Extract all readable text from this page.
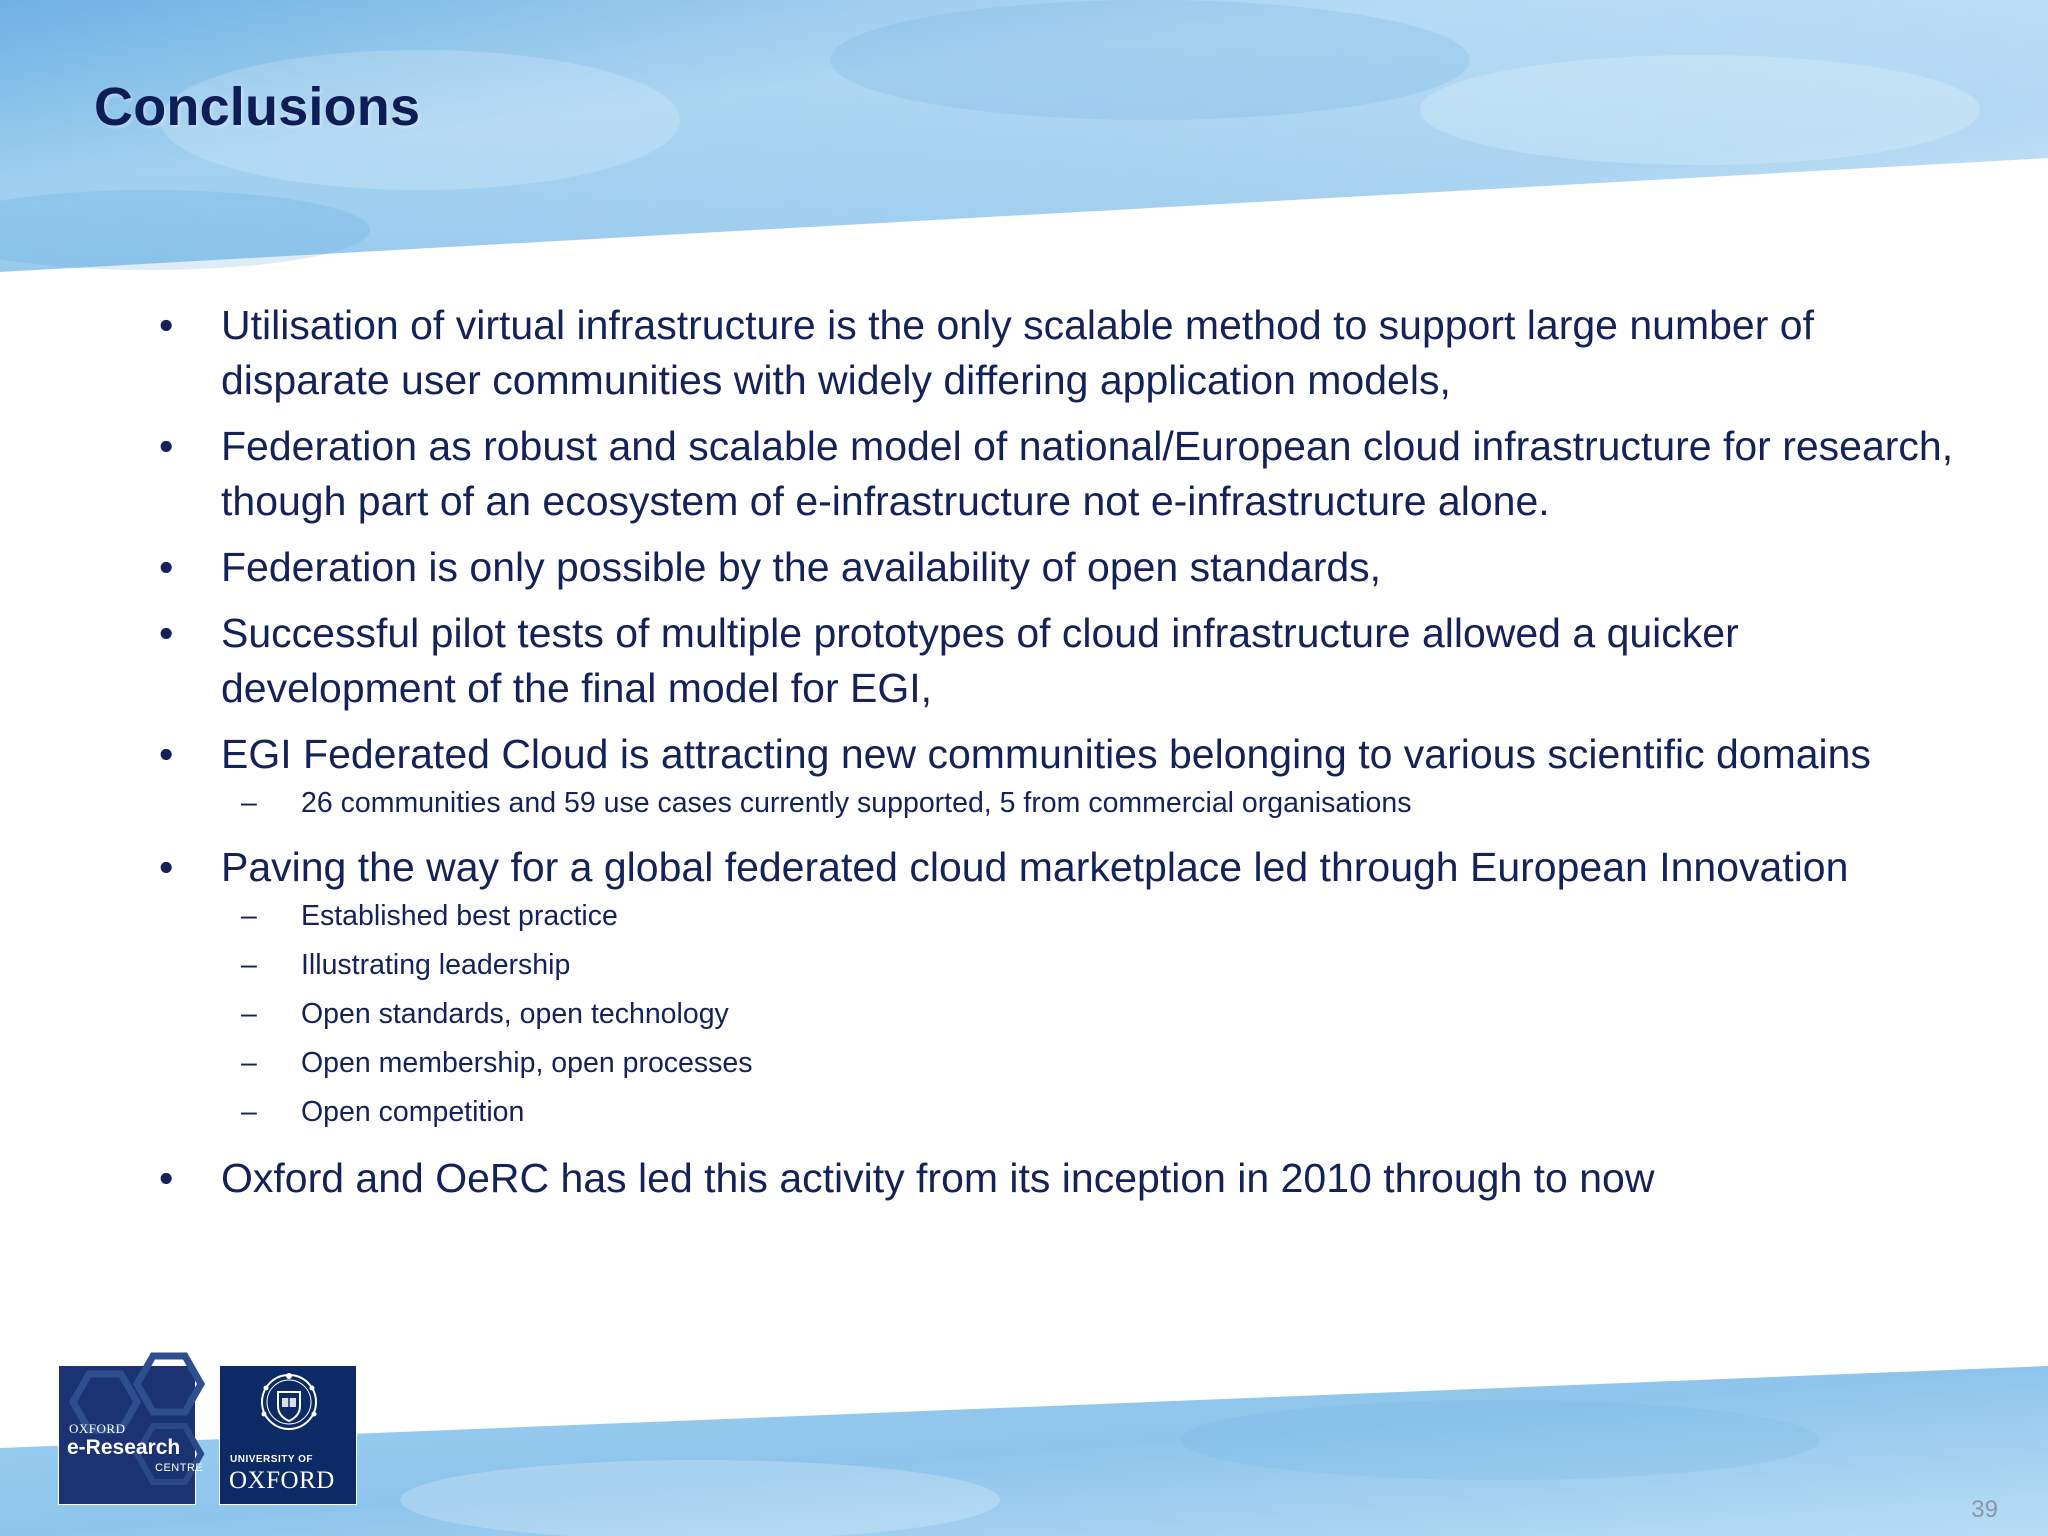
Conclusions
• Utilisation of virtual infrastructure is the only scalable method to support large number of disparate user communities with widely differing application models,
• Federation as robust and scalable model of national/European cloud infrastructure for research, though part of an ecosystem of e-infrastructure not e-infrastructure alone.
• Federation is only possible by the availability of open standards,
• Successful pilot tests of multiple prototypes of cloud infrastructure allowed a quicker development of the final model for EGI,
• EGI Federated Cloud is attracting new communities belonging to various scientific domains
– 26 communities and 59 use cases currently supported, 5 from commercial organisations
• Paving the way for a global federated cloud marketplace led through European Innovation
– Established best practice
– Illustrating leadership
– Open standards, open technology
– Open membership, open processes
– Open competition
• Oxford and OeRC has led this activity from its inception in 2010 through to now
OXFORD
e-Research
CENTRE
UNIVERSITY OF
OXFORD
39
